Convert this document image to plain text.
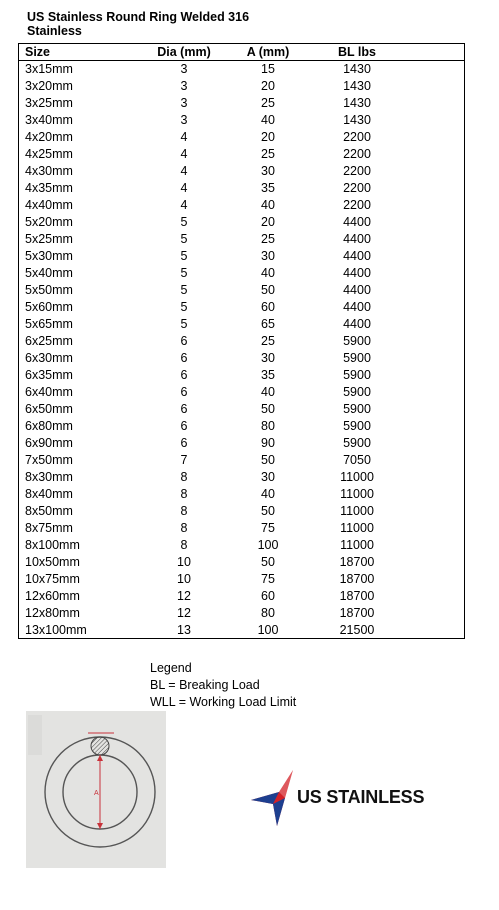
US Stainless Round Ring Welded 316
Stainless
Size	Dia (mm)	A (mm)	BL lbs
3x15mm	3	15	1430
3x20mm	3	20	1430
3x25mm	3	25	1430
3x40mm	3	40	1430
4x20mm	4	20	2200
4x25mm	4	25	2200
4x30mm	4	30	2200
4x35mm	4	35	2200
4x40mm	4	40	2200
5x20mm	5	20	4400
5x25mm	5	25	4400
5x30mm	5	30	4400
5x40mm	5	40	4400
5x50mm	5	50	4400
5x60mm	5	60	4400
5x65mm	5	65	4400
6x25mm	6	25	5900
6x30mm	6	30	5900
6x35mm	6	35	5900
6x40mm	6	40	5900
6x50mm	6	50	5900
6x80mm	6	80	5900
6x90mm	6	90	5900
7x50mm	7	50	7050
8x30mm	8	30	11000
8x40mm	8	40	11000
8x50mm	8	50	11000
8x75mm	8	75	11000
8x100mm	8	100	11000
10x50mm	10	50	18700
10x75mm	10	75	18700
12x60mm	12	60	18700
12x80mm	12	80	18700
13x100mm	13	100	21500
Legend
BL = Breaking Load
WLL = Working Load Limit
A	US STAINLESS
